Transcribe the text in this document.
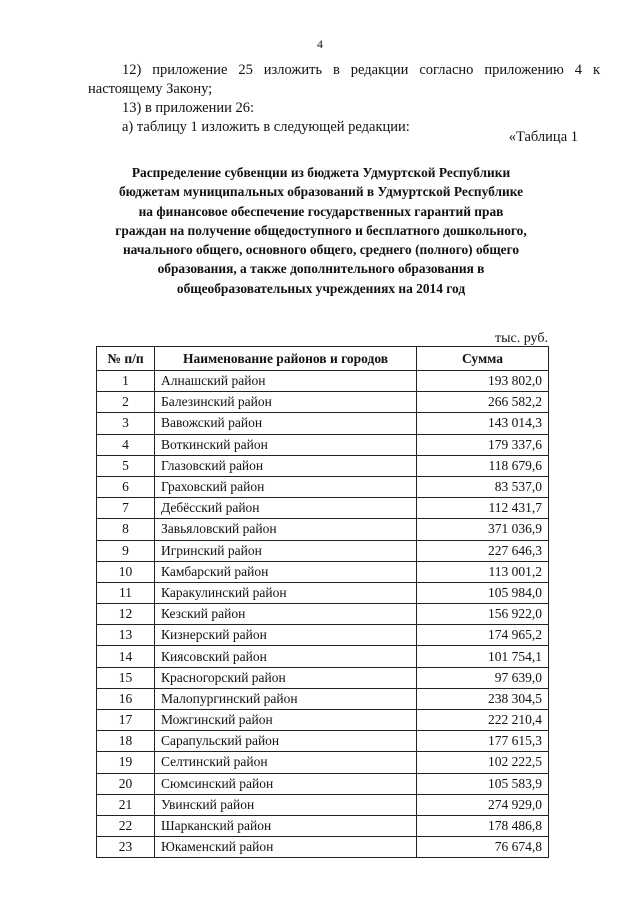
4
12) приложение 25 изложить в редакции согласно приложению 4 к настоящему Закону;
13) в приложении 26:
а) таблицу 1 изложить в следующей редакции:
«Таблица 1
Распределение субвенции из бюджета Удмуртской Республики бюджетам муниципальных образований в Удмуртской Республике на финансовое обеспечение государственных гарантий прав граждан на получение общедоступного и бесплатного дошкольного, начального общего, основного общего, среднего (полного) общего образования, а также дополнительного образования в общеобразовательных учреждениях на 2014 год
тыс. руб.
№ п/п	Наименование районов и городов	Сумма
1	Алнашский район	193 802,0
2	Балезинский район	266 582,2
3	Вавожский район	143 014,3
4	Воткинский район	179 337,6
5	Глазовский район	118 679,6
6	Граховский район	83 537,0
7	Дебёсский район	112 431,7
8	Завьяловский район	371 036,9
9	Игринский район	227 646,3
10	Камбарский район	113 001,2
11	Каракулинский район	105 984,0
12	Кезский район	156 922,0
13	Кизнерский район	174 965,2
14	Киясовский район	101 754,1
15	Красногорский район	97 639,0
16	Малопургинский район	238 304,5
17	Можгинский район	222 210,4
18	Сарапульский район	177 615,3
19	Селтинский район	102 222,5
20	Сюмсинский район	105 583,9
21	Увинский район	274 929,0
22	Шарканский район	178 486,8
23	Юкаменский район	76 674,8
